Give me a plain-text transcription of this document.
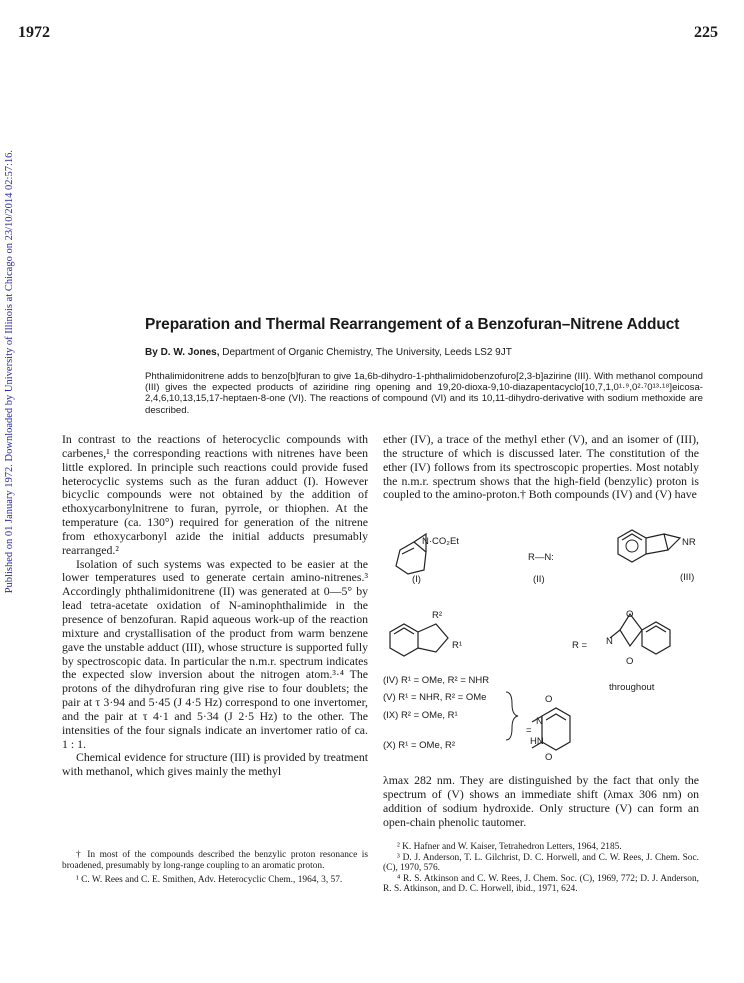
1972	225
Published on 01 January 1972. Downloaded by University of Illinois at Chicago on 23/10/2014 02:57:16.	Preparation and Thermal Rearrangement of a Benzofuran–Nitrene Adduct
By D. W. Jones, Department of Organic Chemistry, The University, Leeds LS2 9JT
Phthalimidonitrene adds to benzo[b]furan to give 1a,6b-dihydro-1-phthalimidobenzofuro[2,3-b]azirine (III). With methanol compound (III) gives the expected products of aziridine ring opening and 19,20-dioxa-9,10-diazapentacyclo[10,7,1,0¹·⁹,0²·⁷0¹³·¹⁸]eicosa-2,4,6,10,13,15,17-heptaen-8-one (VI). The reactions of compound (VI) and its 10,11-dihydro-derivative with sodium methoxide are described.

In contrast to the reactions of heterocyclic compounds with carbenes,¹ the corresponding reactions with nitrenes have been little explored. In principle such reactions could provide fused heterocyclic systems such as the furan adduct (I). However bicyclic compounds were not obtained by the addition of ethoxycarbonylnitrene to furan, pyrrole, or thiophen. At the temperature (ca. 130°) required for generation of the nitrene from ethoxycarbonyl azide the initial adducts presumably rearranged.²

Isolation of such systems was expected to be easier at the lower temperatures used to generate certain amino-nitrenes.³ Accordingly phthalimidonitrene (II) was generated at 0—5° by lead tetra-acetate oxidation of N-aminophthalimide in the presence of benzofuran. Rapid aqueous work-up of the reaction mixture and crystallisation of the product from warm benzene gave the unstable adduct (III), whose structure is supported fully by spectroscopic data. In particular the n.m.r. spectrum indicates the expected slow inversion about the nitrogen atom.³·⁴ The protons of the dihydrofuran ring give rise to four doublets; the pair at τ 3·94 and 5·45 (J 4·5 Hz) correspond to one invertomer, and the pair at τ 4·1 and 5·34 (J 2·5 Hz) to the other. The intensities of the four signals indicate an invertomer ratio of ca. 1 : 1.

Chemical evidence for structure (III) is provided by treatment with methanol, which gives mainly the methyl

ether (IV), a trace of the methyl ether (V), and an isomer of (III), the structure of which is discussed later. The constitution of the ether (IV) follows from its spectroscopic properties. Most notably the n.m.r. spectrum shows that the high-field (benzylic) proton is coupled to the amino-proton.† Both compounds (IV) and (V) have

N·CO₂Et
(I)
R—N:
(II)
NR
(III)
R²
R¹	R = N
O
O
throughout
(IV) R¹ = OMe, R² = NHR
(V) R¹ = NHR, R² = OMe
(IX) R² = OMe, R¹
(X) R¹ = OMe, R²
=
N
HN
O
O

λmax 282 nm. They are distinguished by the fact that only the spectrum of (V) shows an immediate shift (λmax 306 nm) on addition of sodium hydroxide. Only structure (V) can form an open-chain phenolic tautomer.

† In most of the compounds described the benzylic proton resonance is broadened, presumably by long-range coupling to an aromatic proton.

¹ C. W. Rees and C. E. Smithen, Adv. Heterocyclic Chem., 1964, 3, 57.

² K. Hafner and W. Kaiser, Tetrahedron Letters, 1964, 2185.

³ D. J. Anderson, T. L. Gilchrist, D. C. Horwell, and C. W. Rees, J. Chem. Soc. (C), 1970, 576.

⁴ R. S. Atkinson and C. W. Rees, J. Chem. Soc. (C), 1969, 772; D. J. Anderson, R. S. Atkinson, and D. C. Horwell, ibid., 1971, 624.
